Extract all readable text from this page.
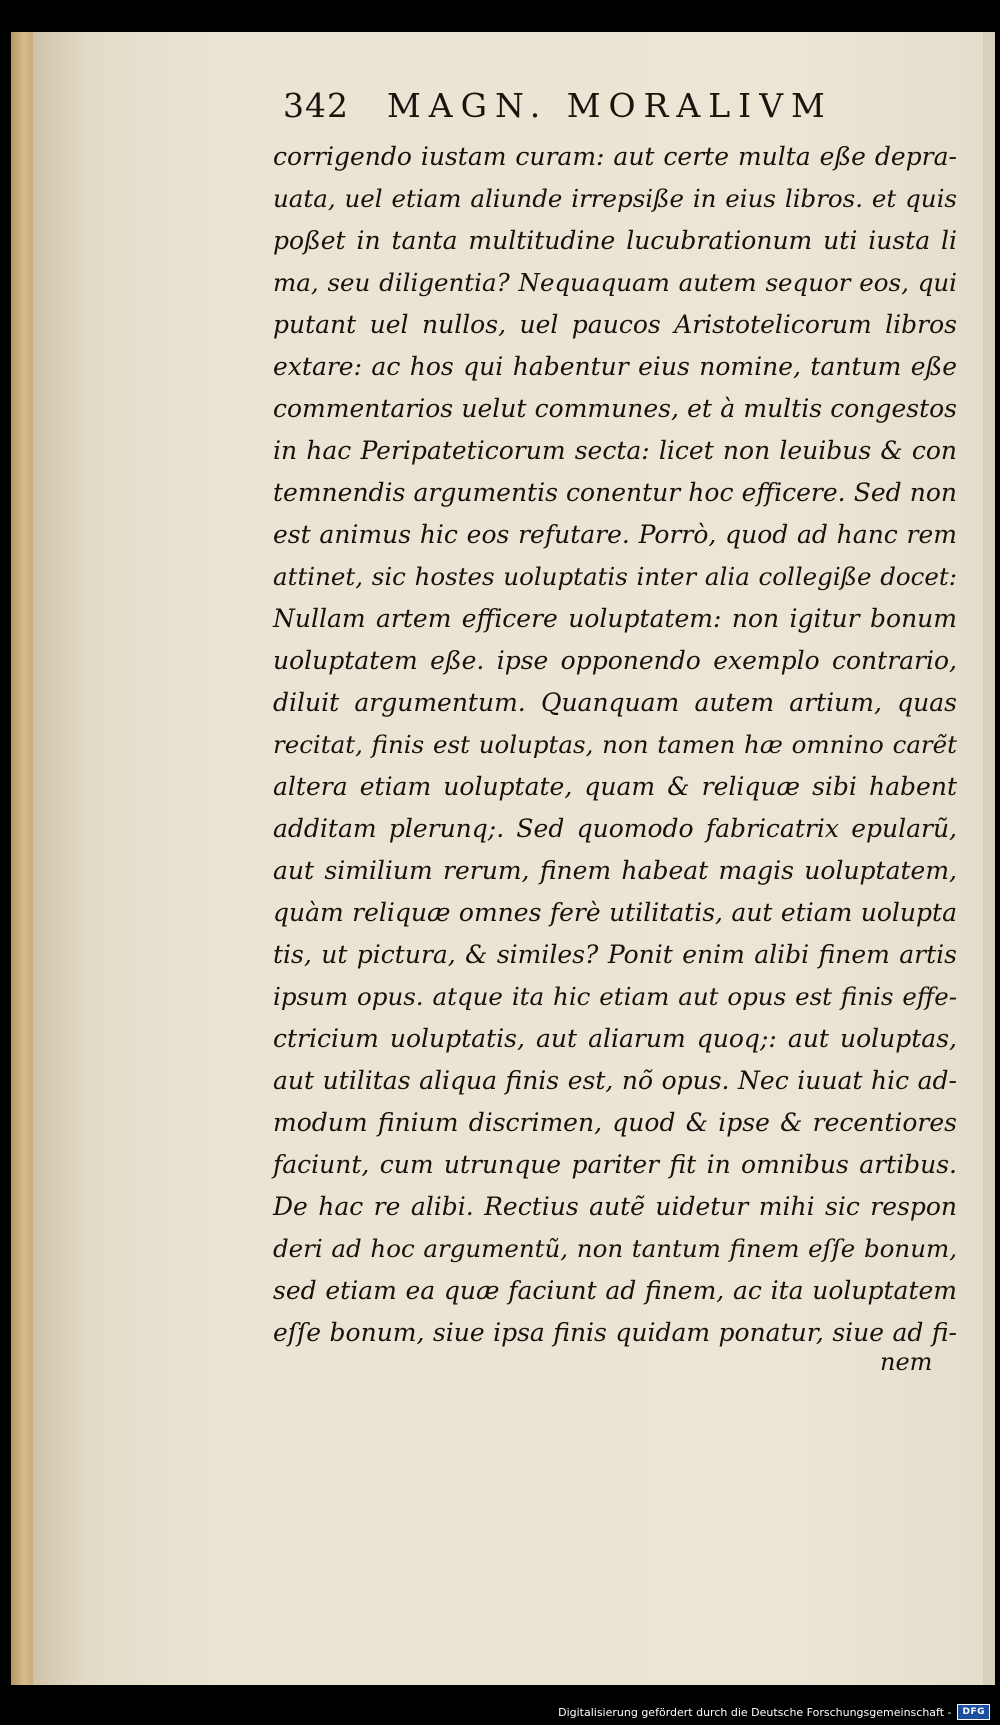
342 MAGN. MORALIVM
corrigendo iustam curam: aut certe multa eße depra-
uata, uel etiam aliunde irrepsiße in eius libros. et quis
poßet in tanta multitudine lucubrationum uti iusta li
ma, seu diligentia? Nequaquam autem sequor eos, qui
putant uel nullos, uel paucos Aristotelicorum libros
extare: ac hos qui habentur eius nomine, tantum eße
commentarios uelut communes, et à multis congestos
in hac Peripateticorum secta: licet non leuibus & con
temnendis argumentis conentur hoc efficere. Sed non
est animus hic eos refutare. Porrò, quod ad hanc rem
attinet, sic hostes uoluptatis inter alia collegiße docet:
Nullam artem efficere uoluptatem: non igitur bonum
uoluptatem eße. ipse opponendo exemplo contrario,
diluit argumentum. Quanquam autem artium, quas
recitat, finis est uoluptas, non tamen hæ omnino carẽt
altera etiam uoluptate, quam & reliquæ sibi habent
additam plerunq;. Sed quomodo fabricatrix epularũ,
aut similium rerum, finem habeat magis uoluptatem,
quàm reliquæ omnes ferè utilitatis, aut etiam uolupta
tis, ut pictura, & similes? Ponit enim alibi finem artis
ipsum opus. atque ita hic etiam aut opus est finis effe-
ctricium uoluptatis, aut aliarum quoq;: aut uoluptas,
aut utilitas aliqua finis est, nõ opus. Nec iuuat hic ad-
modum finium discrimen, quod & ipse & recentiores
faciunt, cum utrunque pariter fit in omnibus artibus.
De hac re alibi. Rectius autẽ uidetur mihi sic respon
deri ad hoc argumentũ, non tantum finem eſſe bonum,
sed etiam ea quæ faciunt ad finem, ac ita uoluptatem
eſſe bonum, siue ipsa finis quidam ponatur, siue ad fi-
nem
Digitalisierung gefördert durch die Deutsche Forschungsgemeinschaft -	DFG
